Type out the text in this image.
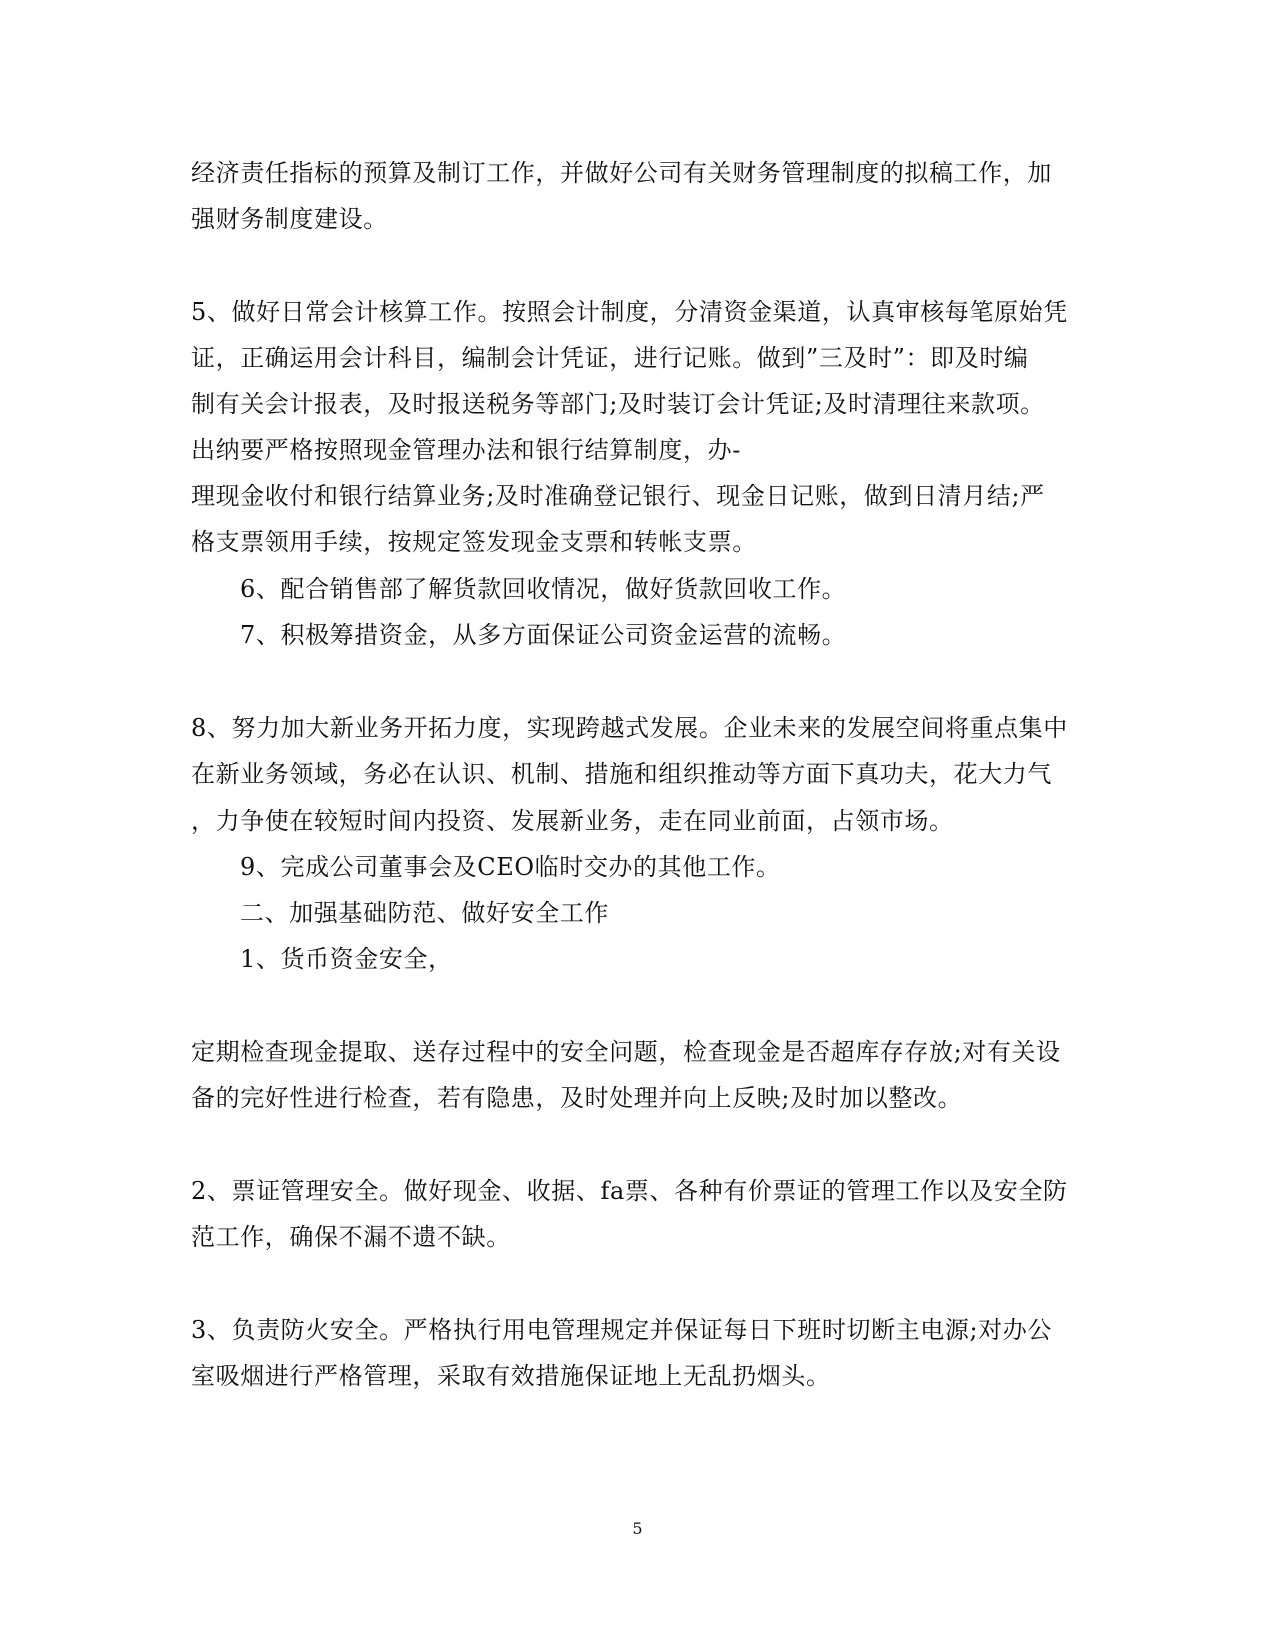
经济责任指标的预算及制订工作，并做好公司有关财务管理制度的拟稿工作，加
强财务制度建设。
5、做好日常会计核算工作。按照会计制度，分清资金渠道，认真审核每笔原始凭
证，正确运用会计科目，编制会计凭证，进行记账。做到”三及时”：即及时编
制有关会计报表，及时报送税务等部门;及时装订会计凭证;及时清理往来款项。
出纳要严格按照现金管理办法和银行结算制度，办-
理现金收付和银行结算业务;及时准确登记银行、现金日记账，做到日清月结;严
格支票领用手续，按规定签发现金支票和转帐支票。
6、配合销售部了解货款回收情况，做好货款回收工作。
7、积极筹措资金，从多方面保证公司资金运营的流畅。
8、努力加大新业务开拓力度，实现跨越式发展。企业未来的发展空间将重点集中
在新业务领域，务必在认识、机制、措施和组织推动等方面下真功夫，花大力气
，力争使在较短时间内投资、发展新业务，走在同业前面，占领市场。
9、完成公司董事会及CEO临时交办的其他工作。
二、加强基础防范、做好安全工作
1、货币资金安全，
定期检查现金提取、送存过程中的安全问题，检查现金是否超库存存放;对有关设
备的完好性进行检查，若有隐患，及时处理并向上反映;及时加以整改。
2、票证管理安全。做好现金、收据、fa票、各种有价票证的管理工作以及安全防
范工作，确保不漏不遗不缺。
3、负责防火安全。严格执行用电管理规定并保证每日下班时切断主电源;对办公
室吸烟进行严格管理，采取有效措施保证地上无乱扔烟头。
5
